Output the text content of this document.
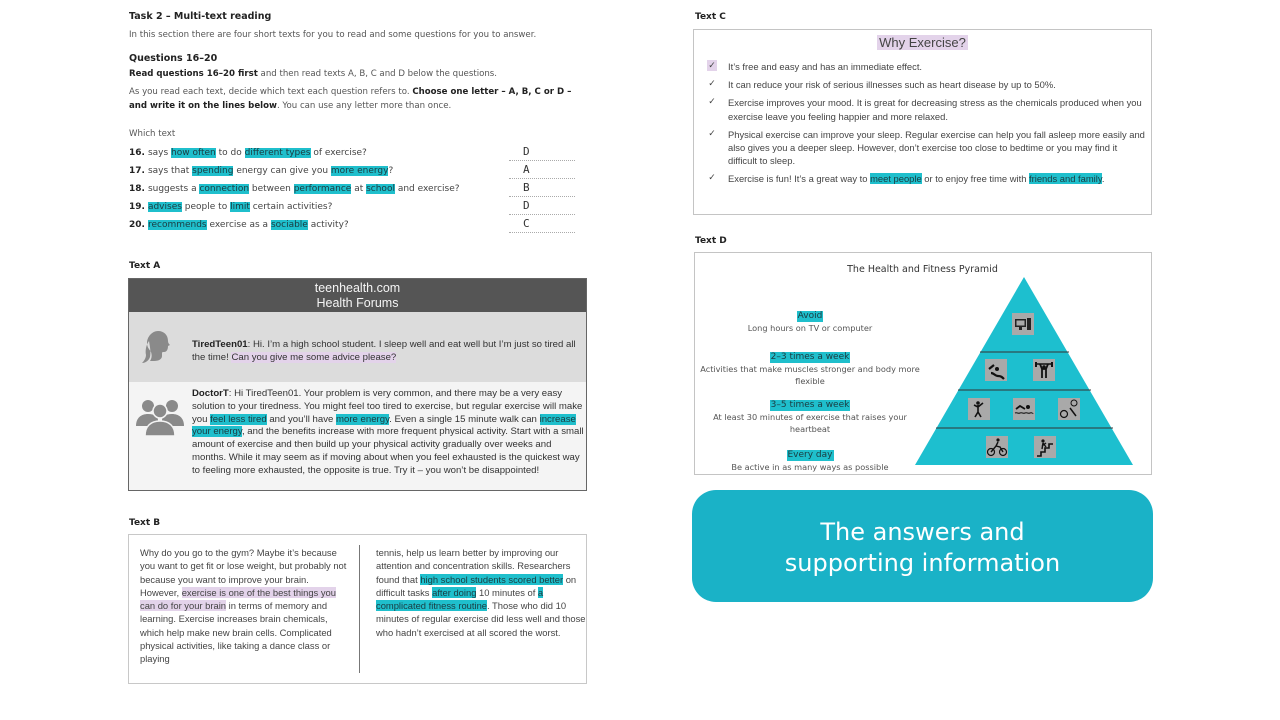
Task 2 – Multi-text reading
In this section there are four short texts for you to read and some questions for you to answer.
Questions 16–20
Read questions 16–20 first and then read texts A, B, C and D below the questions.
As you read each text, decide which text each question refers to. Choose one letter – A, B, C or D – and write it on the lines below. You can use any letter more than once.
Which text
16. says how often to do different types of exercise?	D
17. says that spending energy can give you more energy?	A
18. suggests a connection between performance at school and exercise?	B
19. advises people to limit certain activities?	D
20. recommends exercise as a sociable activity?	C
Text A
teenhealth.com
Health Forums
TiredTeen01: Hi. I’m a high school student. I sleep well and eat well but I’m just so tired all the time! Can you give me some advice please?
DoctorT: Hi TiredTeen01. Your problem is very common, and there may be a very easy solution to your tiredness. You might feel too tired to exercise, but regular exercise will make you feel less tired and you’ll have more energy. Even a single 15 minute walk can increase your energy, and the benefits increase with more frequent physical activity. Start with a small amount of exercise and then build up your physical activity gradually over weeks and months. While it may seem as if moving about when you feel exhausted is the quickest way to feeling more exhausted, the opposite is true. Try it – you won’t be disappointed!
Text B
Why do you go to the gym? Maybe it’s because you want to get fit or lose weight, but probably not because you want to improve your brain. However, exercise is one of the best things you can do for your brain in terms of memory and learning. Exercise increases brain chemicals, which help make new brain cells. Complicated physical activities, like taking a dance class or playing
tennis, help us learn better by improving our attention and concentration skills. Researchers found that high school students scored better on difficult tasks after doing 10 minutes of a complicated fitness routine. Those who did 10 minutes of regular exercise did less well and those who hadn’t exercised at all scored the worst.
Text C
Why Exercise?
✓ It’s free and easy and has an immediate effect.
✓ It can reduce your risk of serious illnesses such as heart disease by up to 50%.
✓ Exercise improves your mood. It is great for decreasing stress as the chemicals produced when you exercise leave you feeling happier and more relaxed.
✓ Physical exercise can improve your sleep. Regular exercise can help you fall asleep more easily and also gives you a deeper sleep. However, don’t exercise too close to bedtime or you may find it difficult to sleep.
✓ Exercise is fun! It’s a great way to meet people or to enjoy free time with friends and family.
Text D
The Health and Fitness Pyramid
Avoid
Long hours on TV or computer
2–3 times a week
Activities that make muscles stronger and body more flexible
3–5 times a week
At least 30 minutes of exercise that raises your heartbeat
Every day
Be active in as many ways as possible
The answers and supporting information
